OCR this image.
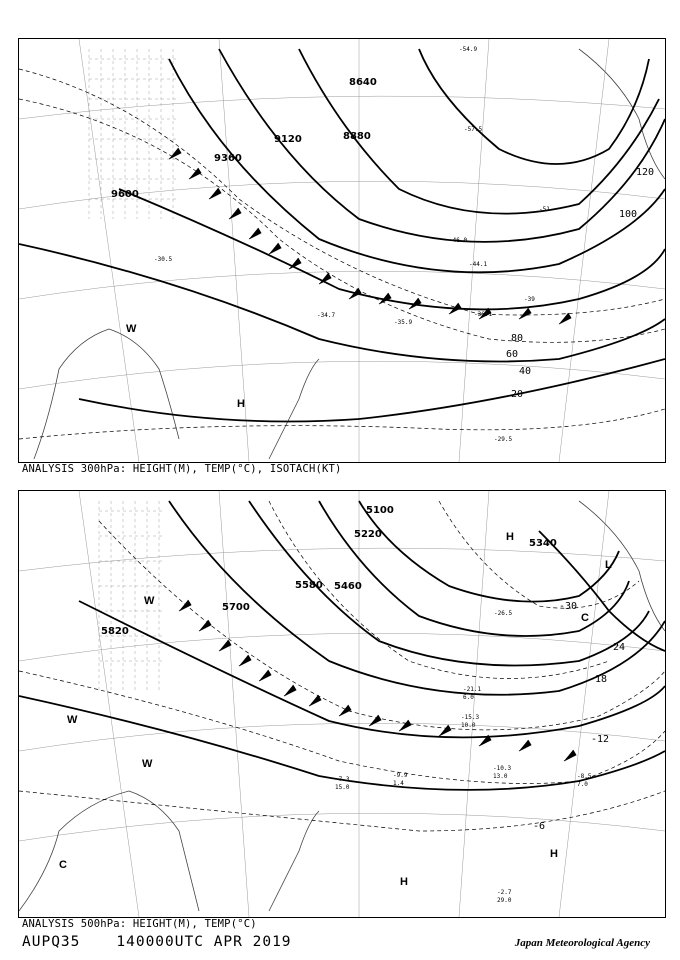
9600
9360
9120	8880
8640
20
40
60
80
100
120
-30.5
-34.7
-35.9
-36.1
-39
-44.1
-46.0
-51
-54.9
-57.5
-29.5
W
H
ANALYSIS 300hPa: HEIGHT(M), TEMP(°C), ISOTACH(KT)
5820
5700
5580 5460
5340
5220
5100
-6
-12
-18
-24
-30
-10.3
13.0	-8.5
7.0
-15.3
10.0
-21.1
6.0
-26.5
-2.7
29.0
-9.9
1.4
-7.3
15.0
W
W
W
H
H
H
L
C
C
ANALYSIS 500hPa: HEIGHT(M), TEMP(°C)
AUPQ35 140000UTC APR 2019	Japan Meteorological Agency
